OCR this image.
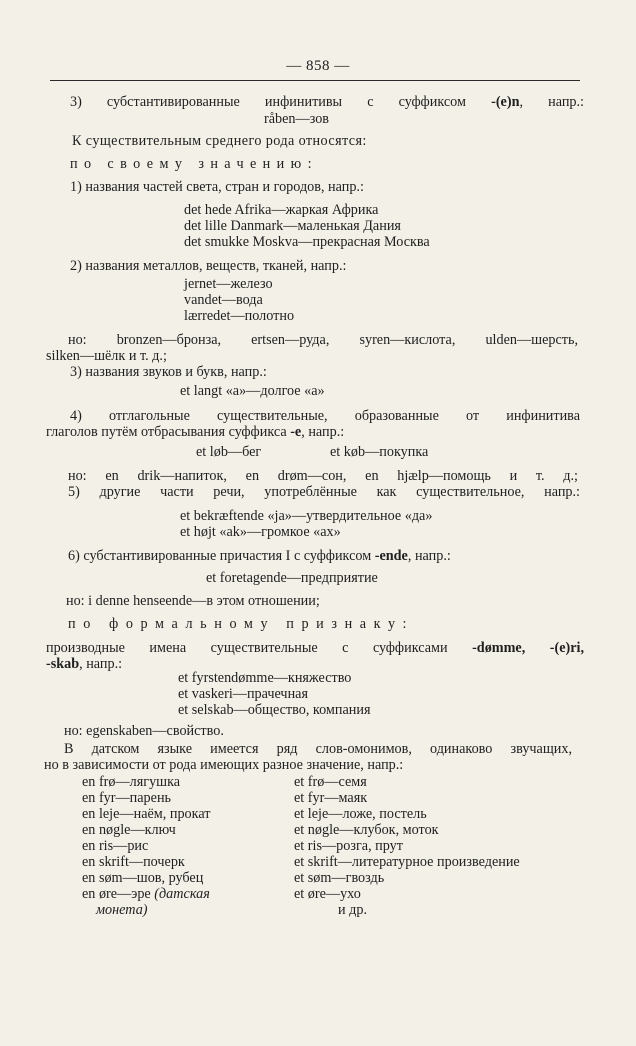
— 858 —
3) субстантивированные инфинитивы с суффиксом -(е)n, напр.:
råben—зов
К существительным среднего рода относятся:
по своему значению:
1) названия частей света, стран и городов, напр.:
det hede Afrika—жаркая Африка
det lille Danmark—маленькая Дания
det smukke Moskva—прекрасная Москва
2) названия металлов, веществ, тканей, напр.:
jernet—железо
vandet—вода
lærredet—полотно
но: bronzen—бронза, ertsen—руда, syren—кислота, ulden—шерсть,
silken—шёлк и т. д.;
3) названия звуков и букв, напр.:
et langt «a»—долгое «а»
4) отглагольные существительные, образованные от инфинитива
глаголов путём отбрасывания суффикса -е, напр.:
et løb—бег	et køb—покупка
но: en drik—напиток, en drøm—сон, en hjælp—помощь и т. д.;
5) другие части речи, употреблённые как существительное, напр.:
et bekræftende «ja»—утвердительное «да»
et højt «ak»—громкое «ах»
6) субстантивированные причастия I с суффиксом -ende, напр.:
et foretagende—предприятие
но: i denne henseende—в этом отношении;
по формальному признаку:
производные имена существительные с суффиксами -dømme, -(e)ri,
-skab, напр.:
et fyrstendømme—княжество
et vaskeri—прачечная
et selskab—общество, компания
но: egenskaben—свойство.
В датском языке имеется ряд слов-омонимов, одинаково звучащих,
но в зависимости от рода имеющих разное значение, напр.:
en frø—лягушка	et frø—семя
en fyr—парень	et fyr—маяк
en leje—наём, прокат	et leje—ложе, постель
en nøgle—ключ	et nøgle—клубок, моток
en ris—рис	et ris—розга, прут
en skrift—почерк	et skrift—литературное произведение
en søm—шов, рубец	et søm—гвоздь
en øre—эре (датская	et øre—ухо
монета)	и др.
